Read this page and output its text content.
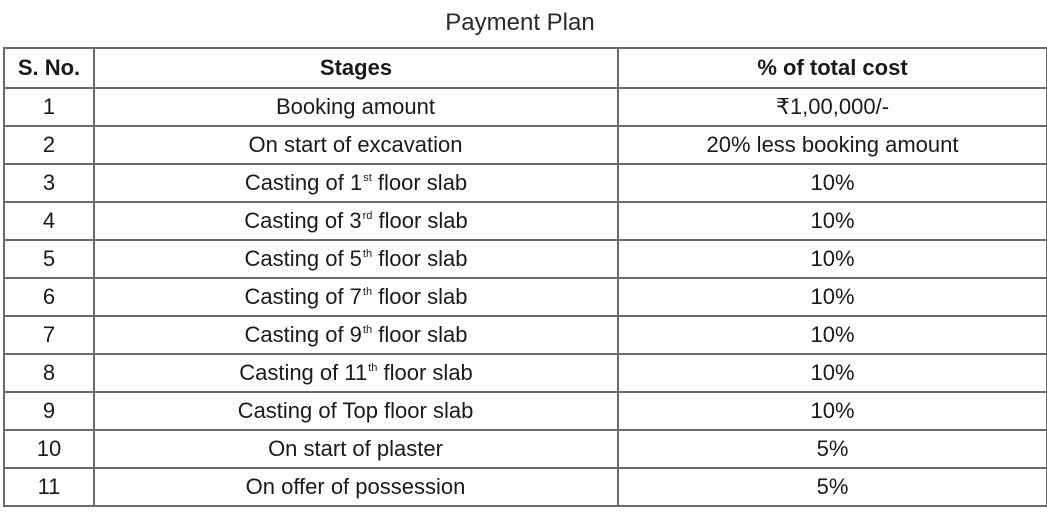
Payment Plan
S. No.	Stages	% of total cost
1	Booking amount	₹1,00,000/-
2	On start of excavation	20% less booking amount
3	Casting of 1st floor slab	10%
4	Casting of 3rd floor slab	10%
5	Casting of 5th floor slab	10%
6	Casting of 7th floor slab	10%
7	Casting of 9th floor slab	10%
8	Casting of 11th floor slab	10%
9	Casting of Top floor slab	10%
10	On start of plaster	5%
11	On offer of possession	5%
